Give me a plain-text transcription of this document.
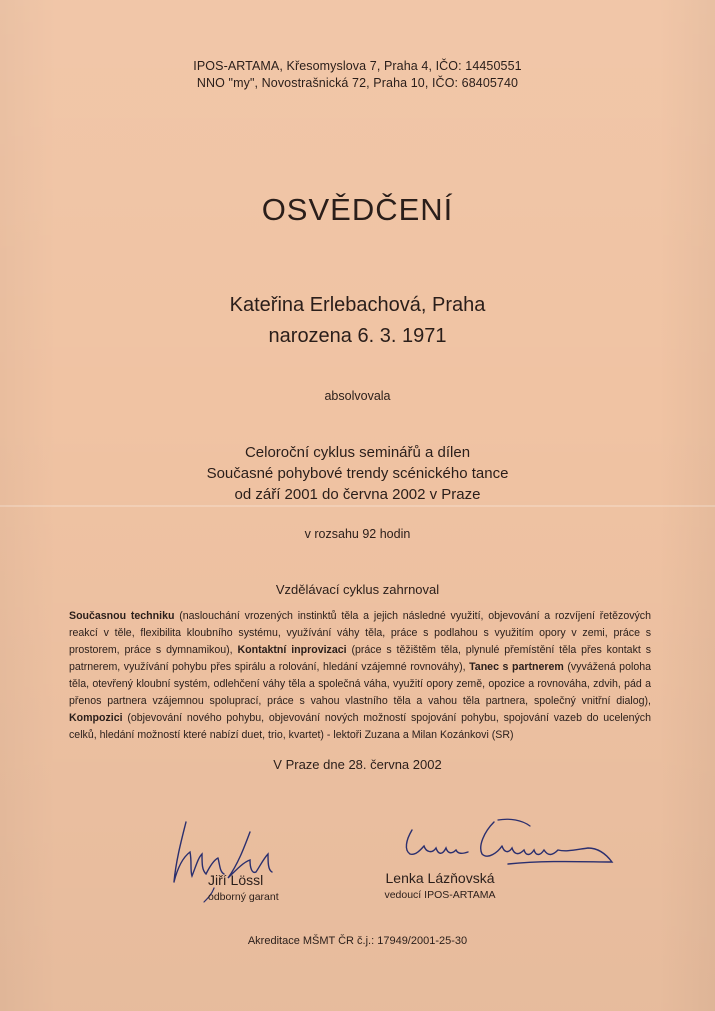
IPOS-ARTAMA, Křesomyslova 7, Praha 4, IČO: 14450551
NNO "my", Novostrašnická 72, Praha 10, IČO: 68405740
OSVĚDČENÍ
Kateřina Erlebachová, Praha
narozena 6. 3. 1971
absolvovala
Celoroční cyklus seminářů a dílen
Současné pohybové trendy scénického tance
od září 2001 do června 2002 v Praze
v rozsahu 92 hodin
Vzdělávací cyklus zahrnoval
Současnou techniku (naslouchání vrozených instinktů těla a jejich následné využití, objevování a rozvíjení řetězových reakcí v těle, flexibilita kloubního systému, využívání váhy těla, práce s podlahou s využitím opory v zemi, práce s prostorem, práce s dymnamikou), Kontaktní inprovizaci (práce s těžištěm těla, plynulé přemístění těla přes kontakt s patrnerem, využívání pohybu přes spirálu a rolování, hledání vzájemné rovnováhy), Tanec s partnerem (vyvážená poloha těla, otevřený kloubní systém, odlehčení váhy těla a společná váha, využití opory země, opozice a rovnováha, zdvih, pád a přenos partnera vzájemnou spoluprací, práce s vahou vlastního těla a vahou těla partnera, společný vnitřní dialog), Kompozici (objevování nového pohybu, objevování nových možností spojování pohybu, spojování vazeb do ucelených celků, hledání možností které nabízí duet, trio, kvartet) - lektoři Zuzana a Milan Kozánkovi (SR)
V Praze dne 28. června 2002
Jiří Lössl
odborný garant
Lenka Lázňovská
vedoucí IPOS-ARTAMA
Akreditace MŠMT ČR č.j.: 17949/2001-25-30
